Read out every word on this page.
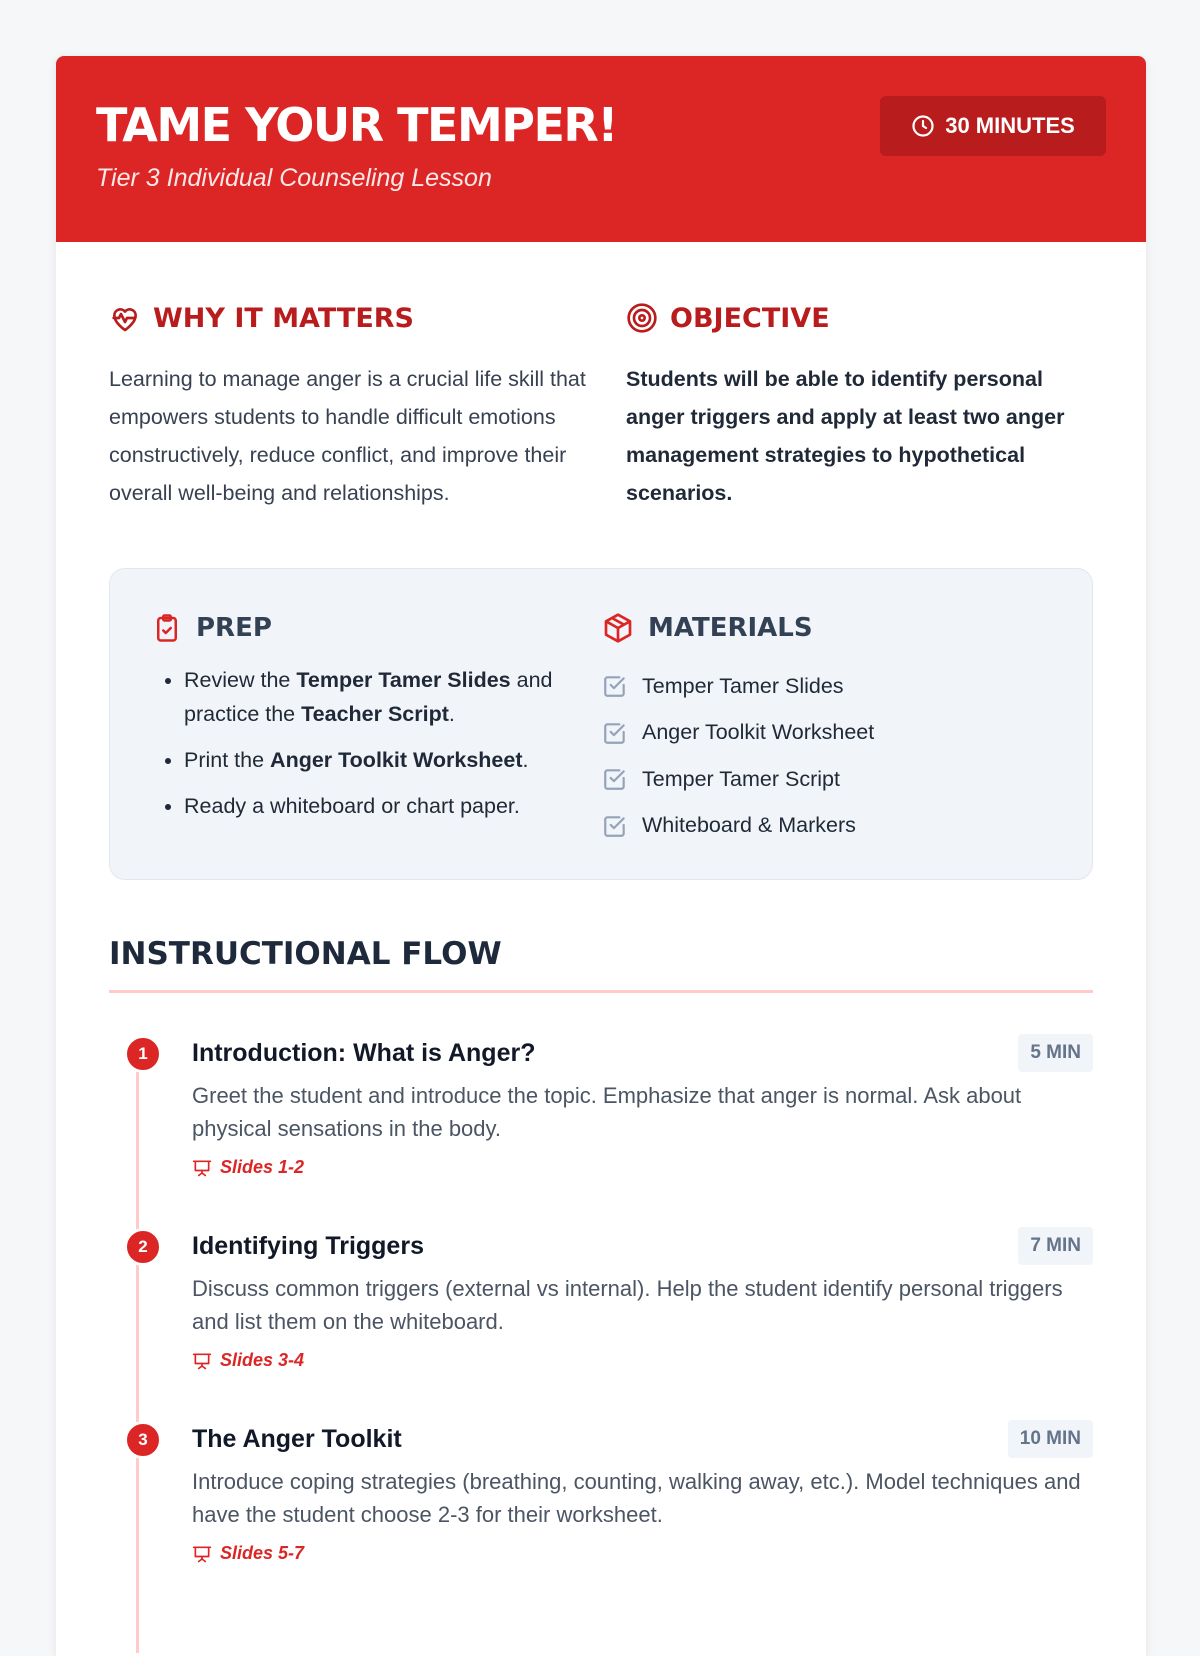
TAME YOUR TEMPER!
Tier 3 Individual Counseling Lesson
30 MINUTES
WHY IT MATTERS

Learning to manage anger is a crucial life skill that empowers students to handle difficult emotions constructively, reduce conflict, and improve their overall well-being and relationships.

OBJECTIVE

Students will be able to identify personal anger triggers and apply at least two anger management strategies to hypothetical scenarios.

PREP
• Review the Temper Tamer Slides and practice the Teacher Script.
• Print the Anger Toolkit Worksheet.
• Ready a whiteboard or chart paper.
MATERIALS
Temper Tamer Slides
Anger Toolkit Worksheet
Temper Tamer Script
Whiteboard & Markers
INSTRUCTIONAL FLOW
1	Introduction: What is Anger?	5 MIN

Greet the student and introduce the topic. Emphasize that anger is normal. Ask about physical sensations in the body.

Slides 1-2
2	Identifying Triggers	7 MIN

Discuss common triggers (external vs internal). Help the student identify personal triggers and list them on the whiteboard.

Slides 3-4
3	The Anger Toolkit	10 MIN

Introduce coping strategies (breathing, counting, walking away, etc.). Model techniques and have the student choose 2-3 for their worksheet.

Slides 5-7
